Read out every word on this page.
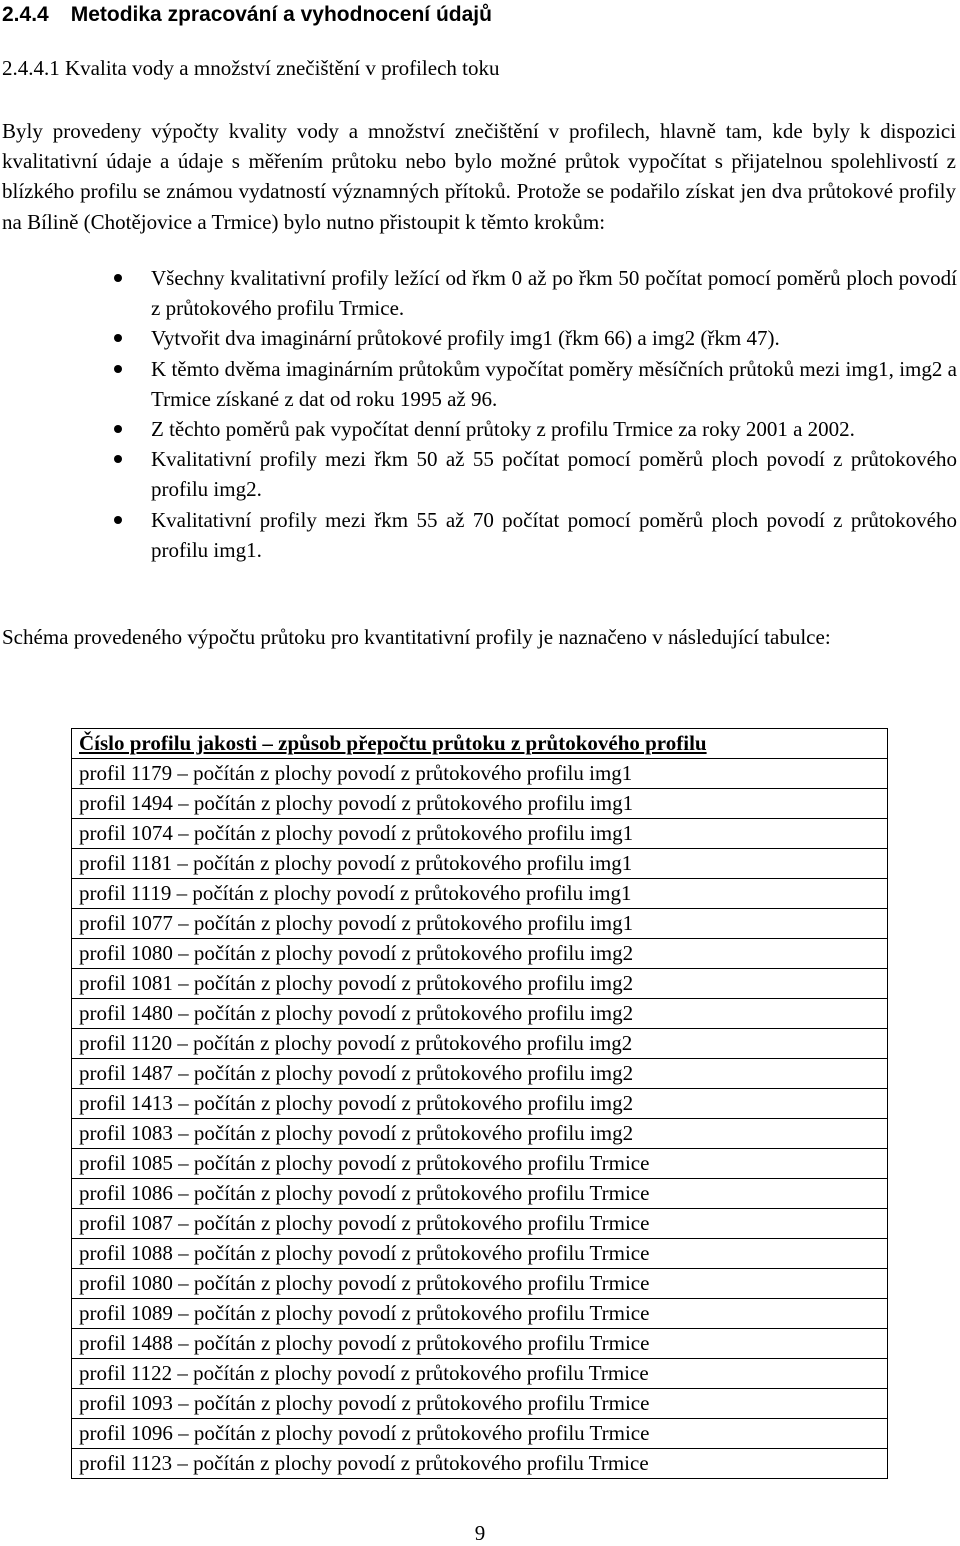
2.4.4 Metodika zpracování a vyhodnocení údajů
2.4.4.1 Kvalita vody a množství znečištění v profilech toku

Byly provedeny výpočty kvality vody a množství znečištění v profilech, hlavně tam, kde byly k dispozici kvalitativní údaje a údaje s měřením průtoku nebo bylo možné průtok vypočítat s přijatelnou spolehlivostí z blízkého profilu se známou vydatností významných přítoků. Protože se podařilo získat jen dva průtokové profily na Bílině (Chotějovice a Trmice) bylo nutno přistoupit k těmto krokům:

Všechny kvalitativní profily ležící od řkm 0 až po řkm 50 počítat pomocí poměrů ploch povodí z průtokového profilu Trmice.
Vytvořit dva imaginární průtokové profily img1 (řkm 66) a img2 (řkm 47).
K těmto dvěma imaginárním průtokům vypočítat poměry měsíčních průtoků mezi img1, img2 a Trmice získané z dat od roku 1995 až 96.
Z těchto poměrů pak vypočítat denní průtoky z profilu Trmice za roky 2001 a 2002.
Kvalitativní profily mezi řkm 50 až 55 počítat pomocí poměrů ploch povodí z průtokového profilu img2.
Kvalitativní profily mezi řkm 55 až 70 počítat pomocí poměrů ploch povodí z průtokového profilu img1.

Schéma provedeného výpočtu průtoku pro kvantitativní profily je naznačeno v následující tabulce:

Číslo profilu jakosti – způsob přepočtu průtoku z průtokového profilu
profil 1179 – počítán z plochy povodí z průtokového profilu img1
profil 1494 – počítán z plochy povodí z průtokového profilu img1
profil 1074 – počítán z plochy povodí z průtokového profilu img1
profil 1181 – počítán z plochy povodí z průtokového profilu img1
profil 1119 – počítán z plochy povodí z průtokového profilu img1
profil 1077 – počítán z plochy povodí z průtokového profilu img1
profil 1080 – počítán z plochy povodí z průtokového profilu img2
profil 1081 – počítán z plochy povodí z průtokového profilu img2
profil 1480 – počítán z plochy povodí z průtokového profilu img2
profil 1120 – počítán z plochy povodí z průtokového profilu img2
profil 1487 – počítán z plochy povodí z průtokového profilu img2
profil 1413 – počítán z plochy povodí z průtokového profilu img2
profil 1083 – počítán z plochy povodí z průtokového profilu img2
profil 1085 – počítán z plochy povodí z průtokového profilu Trmice
profil 1086 – počítán z plochy povodí z průtokového profilu Trmice
profil 1087 – počítán z plochy povodí z průtokového profilu Trmice
profil 1088 – počítán z plochy povodí z průtokového profilu Trmice
profil 1080 – počítán z plochy povodí z průtokového profilu Trmice
profil 1089 – počítán z plochy povodí z průtokového profilu Trmice
profil 1488 – počítán z plochy povodí z průtokového profilu Trmice
profil 1122 – počítán z plochy povodí z průtokového profilu Trmice
profil 1093 – počítán z plochy povodí z průtokového profilu Trmice
profil 1096 – počítán z plochy povodí z průtokového profilu Trmice
profil 1123 – počítán z plochy povodí z průtokového profilu Trmice
9
